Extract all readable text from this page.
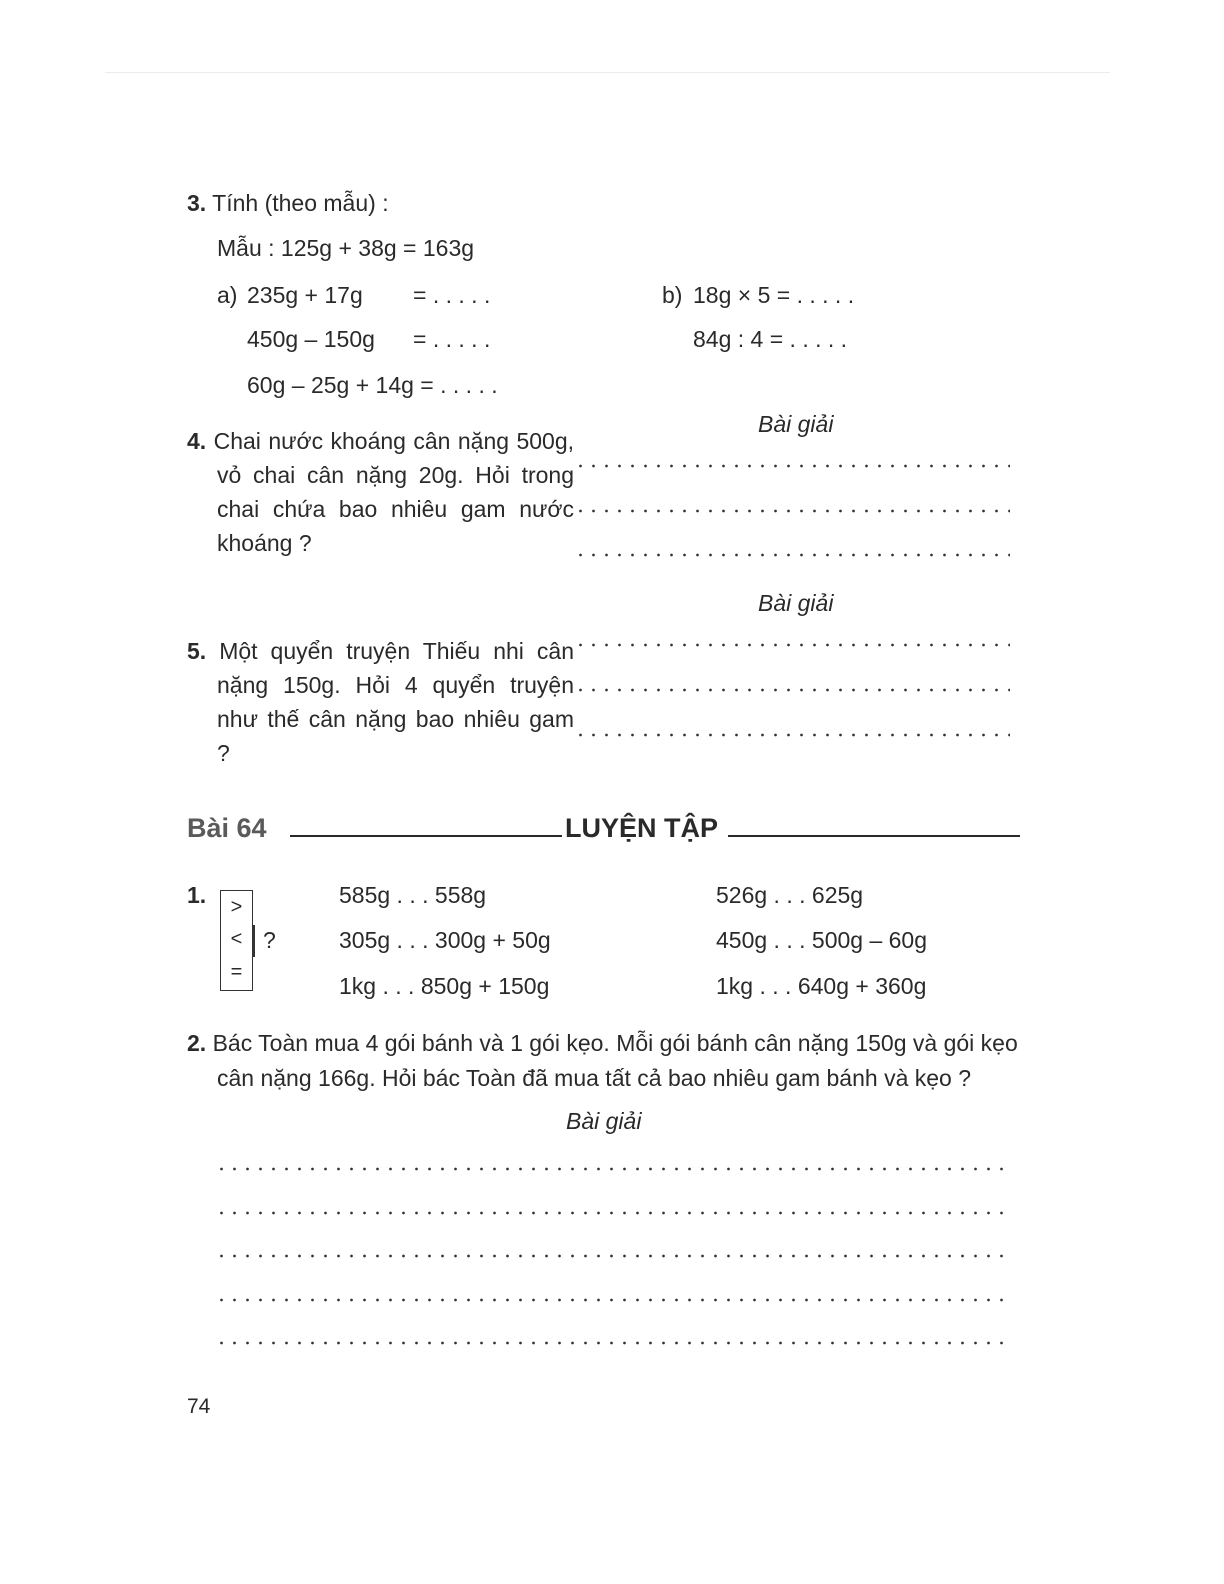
3. Tính (theo mẫu) :
Mẫu : 125g + 38g = 163g
a) 235g + 17g = . . . . .
450g – 150g = . . . . .
60g – 25g + 14g = . . . . .
b) 18g × 5 = . . . . .
84g : 4 = . . . . .
4. Chai nước khoáng cân nặng 500g, vỏ chai cân nặng 20g. Hỏi trong chai chứa bao nhiêu gam nước khoáng ?
Bài giải
Bài giải
5. Một quyển truyện Thiếu nhi cân nặng 150g. Hỏi 4 quyển truyện như thế cân nặng bao nhiêu gam ?
Bài 64	LUYỆN TẬP
1.	>
<
=
?
585g . . . 558g
305g . . . 300g + 50g
1kg . . . 850g + 150g
526g . . . 625g
450g . . . 500g – 60g
1kg . . . 640g + 360g
2. Bác Toàn mua 4 gói bánh và 1 gói kẹo. Mỗi gói bánh cân nặng 150g và gói kẹo
cân nặng 166g. Hỏi bác Toàn đã mua tất cả bao nhiêu gam bánh và kẹo ?
Bài giải
74
